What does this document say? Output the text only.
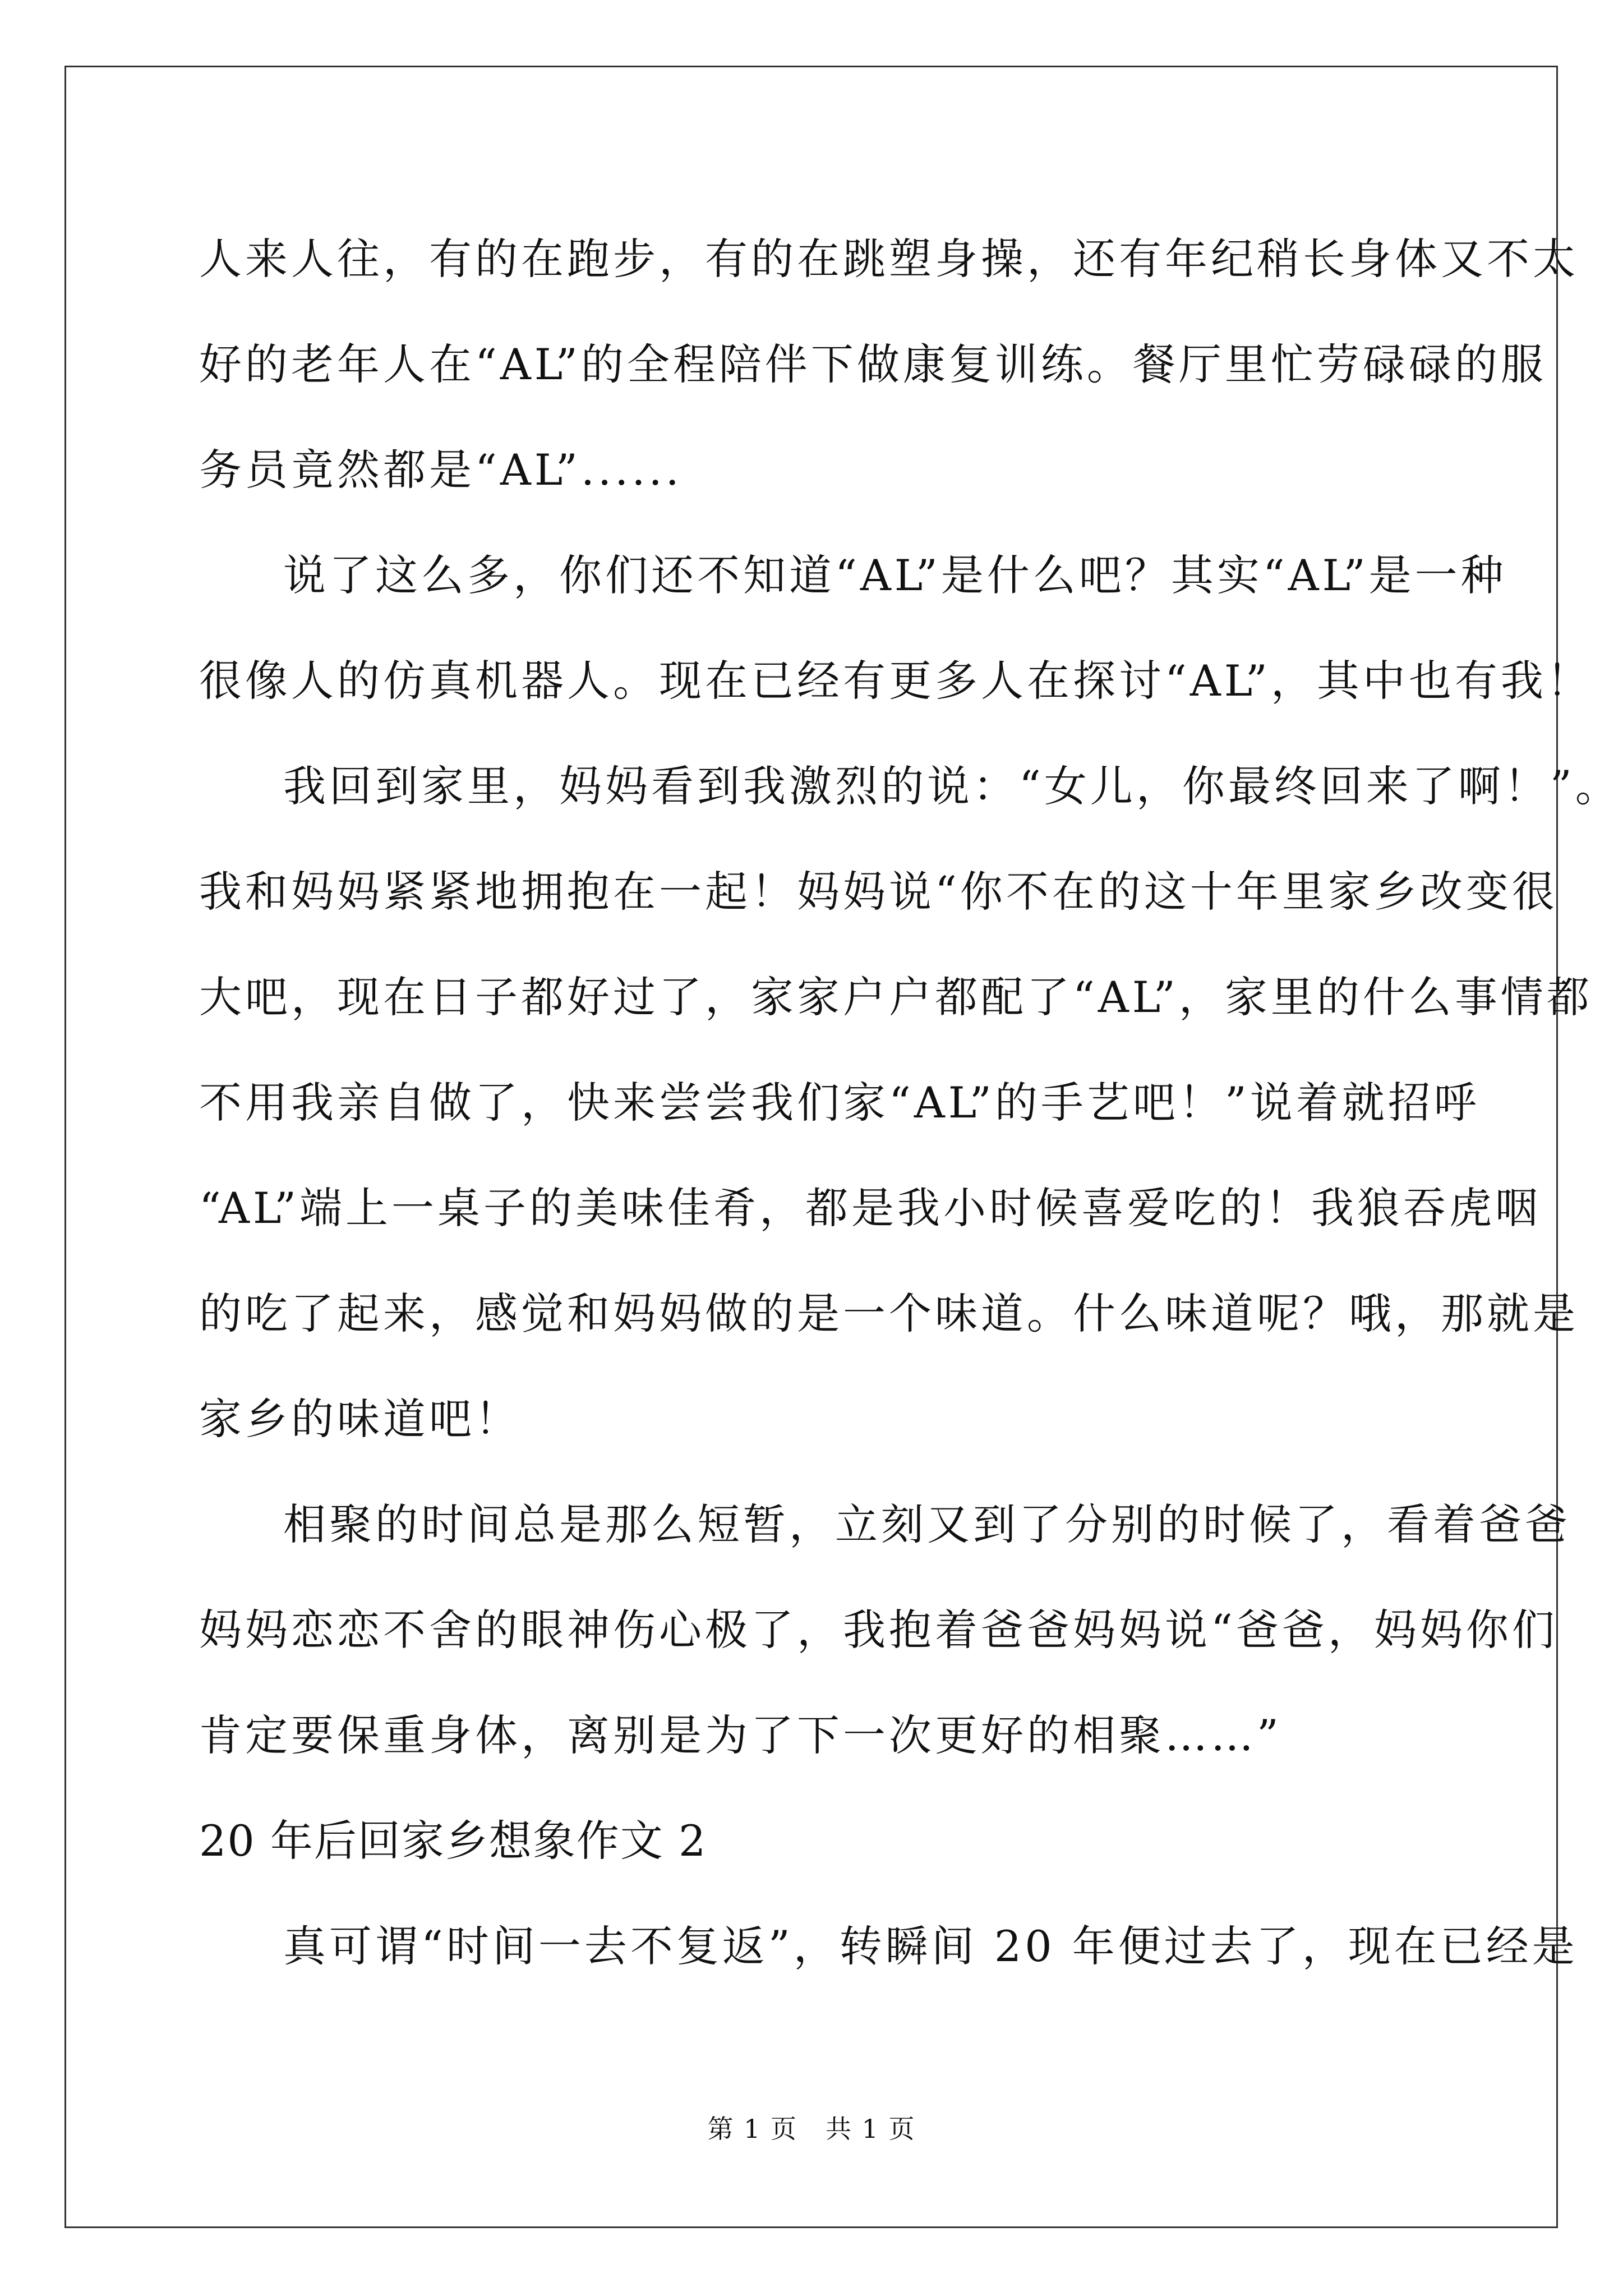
人来人往，有的在跑步，有的在跳塑身操，还有年纪稍长身体又不太
好的老年人在“AL”的全程陪伴下做康复训练。餐厅里忙劳碌碌的服
务员竟然都是“AL”......
说了这么多，你们还不知道“AL”是什么吧？其实“AL”是一种
很像人的仿真机器人。现在已经有更多人在探讨“AL”，其中也有我！
我回到家里，妈妈看到我激烈的说：“女儿，你最终回来了啊！”。
我和妈妈紧紧地拥抱在一起！妈妈说“你不在的这十年里家乡改变很
大吧，现在日子都好过了，家家户户都配了“AL”，家里的什么事情都
不用我亲自做了，快来尝尝我们家“AL”的手艺吧！”说着就招呼
“AL”端上一桌子的美味佳肴，都是我小时候喜爱吃的！我狼吞虎咽
的吃了起来，感觉和妈妈做的是一个味道。什么味道呢？哦，那就是
家乡的味道吧！
相聚的时间总是那么短暂，立刻又到了分别的时候了，看着爸爸
妈妈恋恋不舍的眼神伤心极了，我抱着爸爸妈妈说“爸爸，妈妈你们
肯定要保重身体，离别是为了下一次更好的相聚……”
20 年后回家乡想象作文 2
真可谓“时间一去不复返”，转瞬间 20 年便过去了，现在已经是
第 1 页 共 1 页
